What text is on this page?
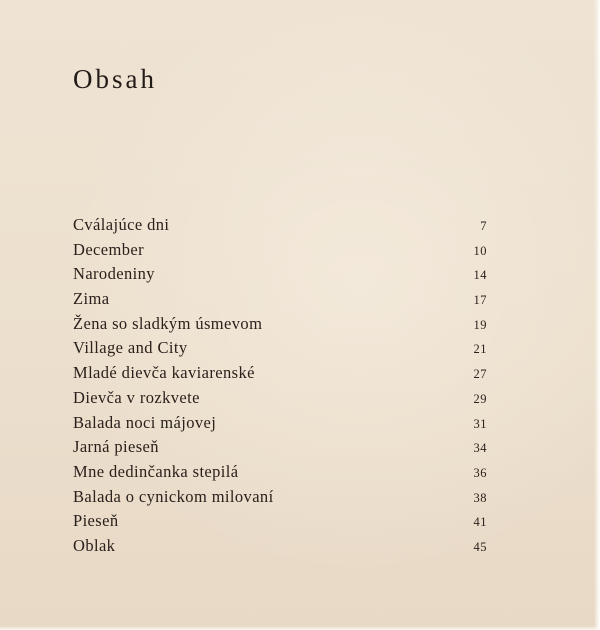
Obsah
Cválajúce dni	7
December	10
Narodeniny	14
Zima	17
Žena so sladkým úsmevom	19
Village and City	21
Mladé dievča kaviarenské	27
Dievča v rozkvete	29
Balada noci májovej	31
Jarná pieseň	34
Mne dedinčanka stepilá	36
Balada o cynickom milovaní	38
Pieseň	41
Oblak	45
